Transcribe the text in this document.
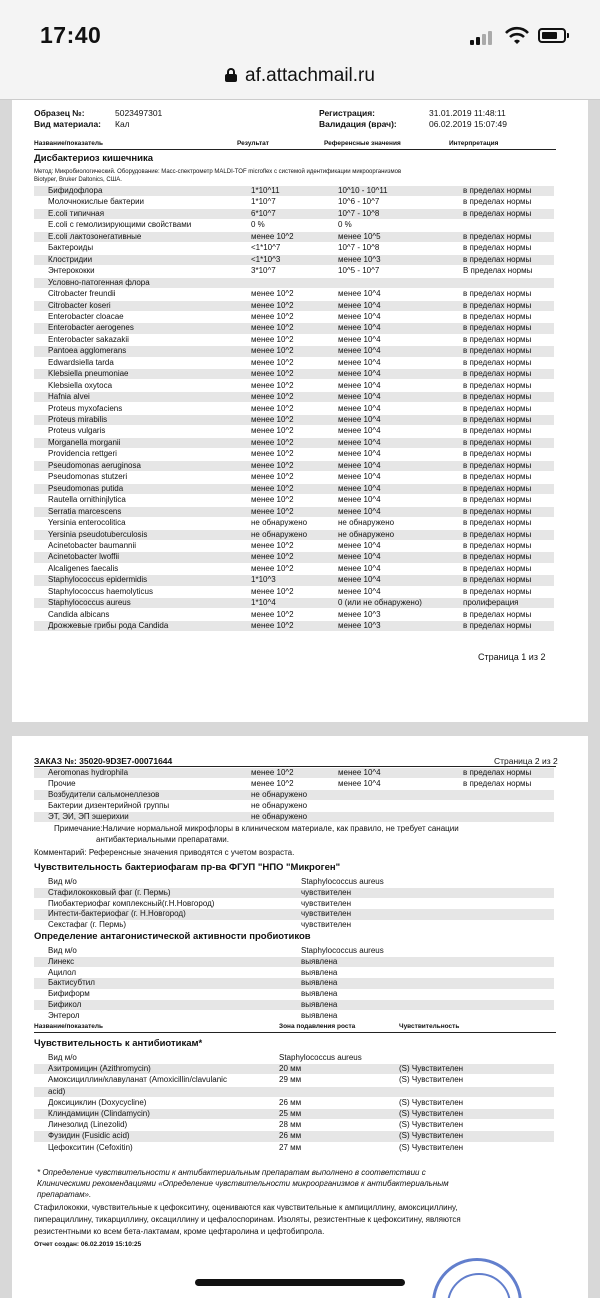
17:40
af.attachmail.ru
Образец №:	5023497301
Вид материала: Кал
Регистрация:	31.01.2019 11:48:11
Валидация (врач):	06.02.2019 15:07:49
Название/показатель	Результат	Референсные значения	Интерпретация
Дисбактериоз кишечника
Метод: Микробиологический. Оборудование: Масс-спектрометр MALDI-TOF microflex с системой идентификации микроорганизмов
Biotyper, Bruker Daltonics, США.
Бифидофлора	1*10^11	10^10 - 10^11	в пределах нормы
Молочнокислые бактерии	1*10^7	10^6 - 10^7	в пределах нормы
E.coli типичная	6*10^7	10^7 - 10^8	в пределах нормы
E.coli с гемолизирующими свойствами	0 %	0 %
E.coli лактозонегативные	менее 10^2	менее 10^5	в пределах нормы
Бактероиды	<1*10^7	10^7 - 10^8	в пределах нормы
Клостридии	<1*10^3	менее 10^3	в пределах нормы
Энтерококки	3*10^7	10^5 - 10^7	В пределах нормы
Условно-патогенная флора
Citrobacter freundii	менее 10^2	менее 10^4	в пределах нормы
Citrobacter koseri	менее 10^2	менее 10^4	в пределах нормы
Enterobacter cloacae	менее 10^2	менее 10^4	в пределах нормы
Enterobacter aerogenes	менее 10^2	менее 10^4	в пределах нормы
Enterobacter sakazakii	менее 10^2	менее 10^4	в пределах нормы
Pantoea agglomerans	менее 10^2	менее 10^4	в пределах нормы
Edwardsiella tarda	менее 10^2	менее 10^4	в пределах нормы
Klebsiella pneumoniae	менее 10^2	менее 10^4	в пределах нормы
Klebsiella oxytoca	менее 10^2	менее 10^4	в пределах нормы
Hafnia alvei	менее 10^2	менее 10^4	в пределах нормы
Proteus myxofaciens	менее 10^2	менее 10^4	в пределах нормы
Proteus mirabilis	менее 10^2	менее 10^4	в пределах нормы
Proteus vulgaris	менее 10^2	менее 10^4	в пределах нормы
Morganella morganii	менее 10^2	менее 10^4	в пределах нормы
Providencia rettgeri	менее 10^2	менее 10^4	в пределах нормы
Pseudomonas aeruginosa	менее 10^2	менее 10^4	в пределах нормы
Pseudomonas stutzeri	менее 10^2	менее 10^4	в пределах нормы
Pseudomonas putida	менее 10^2	менее 10^4	в пределах нормы
Rautella ornithinjlytica	менее 10^2	менее 10^4	в пределах нормы
Serratia marcescens	менее 10^2	менее 10^4	в пределах нормы
Yersinia enterocolitica	не обнаружено	не обнаружено	в пределах нормы
Yersinia pseudotuberculosis	не обнаружено	не обнаружено	в пределах нормы
Acinetobacter baumannii	менее 10^2	менее 10^4	в пределах нормы
Acinetobacter lwoffii	менее 10^2	менее 10^4	в пределах нормы
Alcaligenes faecalis	менее 10^2	менее 10^4	в пределах нормы
Staphylococcus epidermidis	1*10^3	менее 10^4	в пределах нормы
Staphylococcus haemolyticus	менее 10^2	менее 10^4	в пределах нормы
Staphylococcus aureus	1*10^4	0 (или не обнаружено)	пролиферация
Candida albicans	менее 10^2	менее 10^3	в пределах нормы
Дрожжевые грибы рода Candida	менее 10^2	менее 10^3	в пределах нормы
Страница 1 из 2
ЗАКАЗ №: 35020-9D3E7-00071644	Страница 2 из 2
Aeromonas hydrophila	менее 10^2	менее 10^4	в пределах нормы
Прочие	менее 10^2	менее 10^4	в пределах нормы
Возбудители сальмонеллезов	не обнаружено
Бактерии дизентерийной группы	не обнаружено
ЭТ, ЭИ, ЭП эшерихии	не обнаружено
Примечание:Наличие нормальной микрофлоры в клиническом материале, как правило, не требует санации
антибактериальными препаратами.
Комментарий: Референсные значения приводятся с учетом возраста.
Чувствительность бактериофагам пр-ва ФГУП "НПО "Микроген"
Вид м/о	Staphylococcus aureus
Стафилококковый фаг (г. Пермь)	чувствителен
Пиобактериофаг комплексный(г.Н.Новгород)	чувствителен
Интести-бактериофаг (г. Н.Новгород)	чувствителен
Секстафаг (г. Пермь)	чувствителен
Определение антагонистической активности пробиотиков
Вид м/о	Staphylococcus aureus
Линекс	выявлена
Ацилол	выявлена
Бактисубтил	выявлена
Бифиформ	выявлена
Бификол	выявлена
Энтерол	выявлена
Название/показатель	Зона подавления роста	Чувствительность
Чувствительность к антибиотикам*
Вид м/о	Staphylococcus aureus
Азитромицин (Azithromycin)	20 мм	(S) Чувствителен
Амоксициллин/клавуланат (Amoxicillin/clavulanic	29 мм	(S) Чувствителен
acid)
Доксициклин (Doxycycline)	26 мм	(S) Чувствителен
Клиндамицин (Clindamycin)	25 мм	(S) Чувствителен
Линезолид (Linezolid)	28 мм	(S) Чувствителен
Фузидин (Fusidic acid)	26 мм	(S) Чувствителен
Цефокситин (Cefoxitin)	27 мм	(S) Чувствителен
* Определение чувствительности к антибактериальным препаратам выполнено в соответствии с
Клиническими рекомендациями «Определение чувствительности микроорганизмов к антибактериальным
препаратам».
Стафилококки, чувствительные к цефокситину, оцениваются как чувствительные к ампициллину, амоксициллину,
пиперациллину, тикарциллину, оксациллину и цефалоспоринам. Изоляты, резистентные к цефокситину, являются
резистентными ко всем бета-лактамам, кроме цефтаролина и цефтобипрола.
Отчет создан: 06.02.2019 15:10:25
